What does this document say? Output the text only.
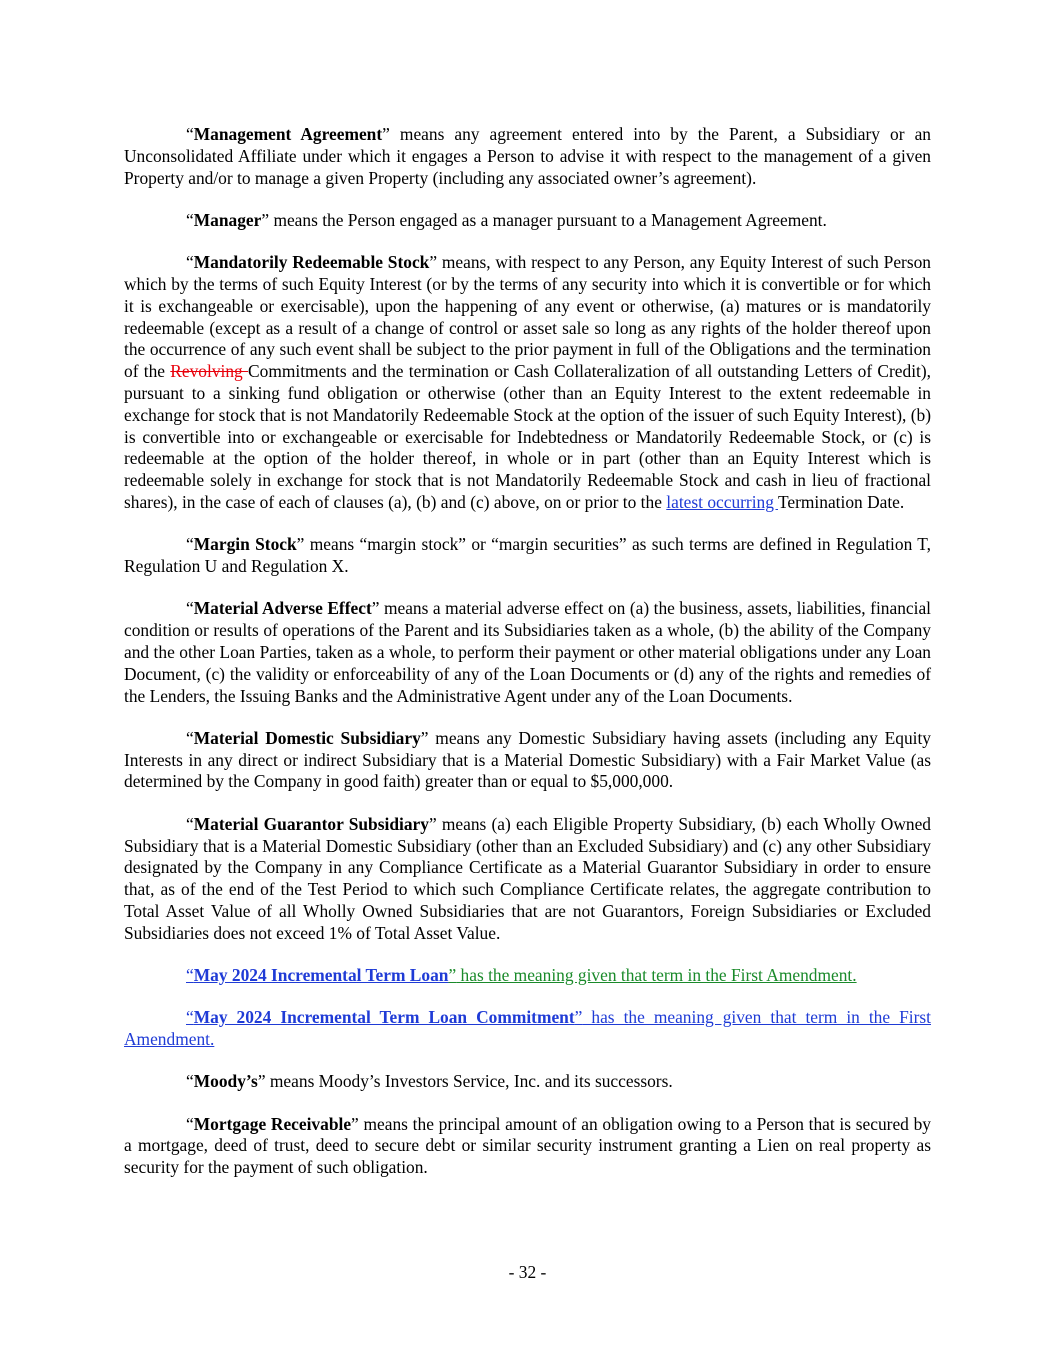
“Management Agreement” means any agreement entered into by the Parent, a Subsidiary or an Unconsolidated Affiliate under which it engages a Person to advise it with respect to the management of a given Property and/or to manage a given Property (including any associated owner’s agreement).

“Manager” means the Person engaged as a manager pursuant to a Management Agreement.

“Mandatorily Redeemable Stock” means, with respect to any Person, any Equity Interest of such Person which by the terms of such Equity Interest (or by the terms of any security into which it is convertible or for which it is exchangeable or exercisable), upon the happening of any event or otherwise, (a) matures or is mandatorily redeemable (except as a result of a change of control or asset sale so long as any rights of the holder thereof upon the occurrence of any such event shall be subject to the prior payment in full of the Obligations and the termination of the Revolving Commitments and the termination or Cash Collateralization of all outstanding Letters of Credit), pursuant to a sinking fund obligation or otherwise (other than an Equity Interest to the extent redeemable in exchange for stock that is not Mandatorily Redeemable Stock at the option of the issuer of such Equity Interest), (b) is convertible into or exchangeable or exercisable for Indebtedness or Mandatorily Redeemable Stock, or (c) is redeemable at the option of the holder thereof, in whole or in part (other than an Equity Interest which is redeemable solely in exchange for stock that is not Mandatorily Redeemable Stock and cash in lieu of fractional shares), in the case of each of clauses (a), (b) and (c) above, on or prior to the latest occurring Termination Date.

“Margin Stock” means “margin stock” or “margin securities” as such terms are defined in Regulation T, Regulation U and Regulation X.

“Material Adverse Effect” means a material adverse effect on (a) the business, assets, liabilities, financial condition or results of operations of the Parent and its Subsidiaries taken as a whole, (b) the ability of the Company and the other Loan Parties, taken as a whole, to perform their payment or other material obligations under any Loan Document, (c) the validity or enforceability of any of the Loan Documents or (d) any of the rights and remedies of the Lenders, the Issuing Banks and the Administrative Agent under any of the Loan Documents.

“Material Domestic Subsidiary” means any Domestic Subsidiary having assets (including any Equity Interests in any direct or indirect Subsidiary that is a Material Domestic Subsidiary) with a Fair Market Value (as determined by the Company in good faith) greater than or equal to $5,000,000.

“Material Guarantor Subsidiary” means (a) each Eligible Property Subsidiary, (b) each Wholly Owned Subsidiary that is a Material Domestic Subsidiary (other than an Excluded Subsidiary) and (c) any other Subsidiary designated by the Company in any Compliance Certificate as a Material Guarantor Subsidiary in order to ensure that, as of the end of the Test Period to which such Compliance Certificate relates, the aggregate contribution to Total Asset Value of all Wholly Owned Subsidiaries that are not Guarantors, Foreign Subsidiaries or Excluded Subsidiaries does not exceed 1% of Total Asset Value.

“May 2024 Incremental Term Loan” has the meaning given that term in the First Amendment.

“May 2024 Incremental Term Loan Commitment” has the meaning given that term in the First Amendment.

“Moody’s” means Moody’s Investors Service, Inc. and its successors.

“Mortgage Receivable” means the principal amount of an obligation owing to a Person that is secured by a mortgage, deed of trust, deed to secure debt or similar security instrument granting a Lien on real property as security for the payment of such obligation.

- 32 -
